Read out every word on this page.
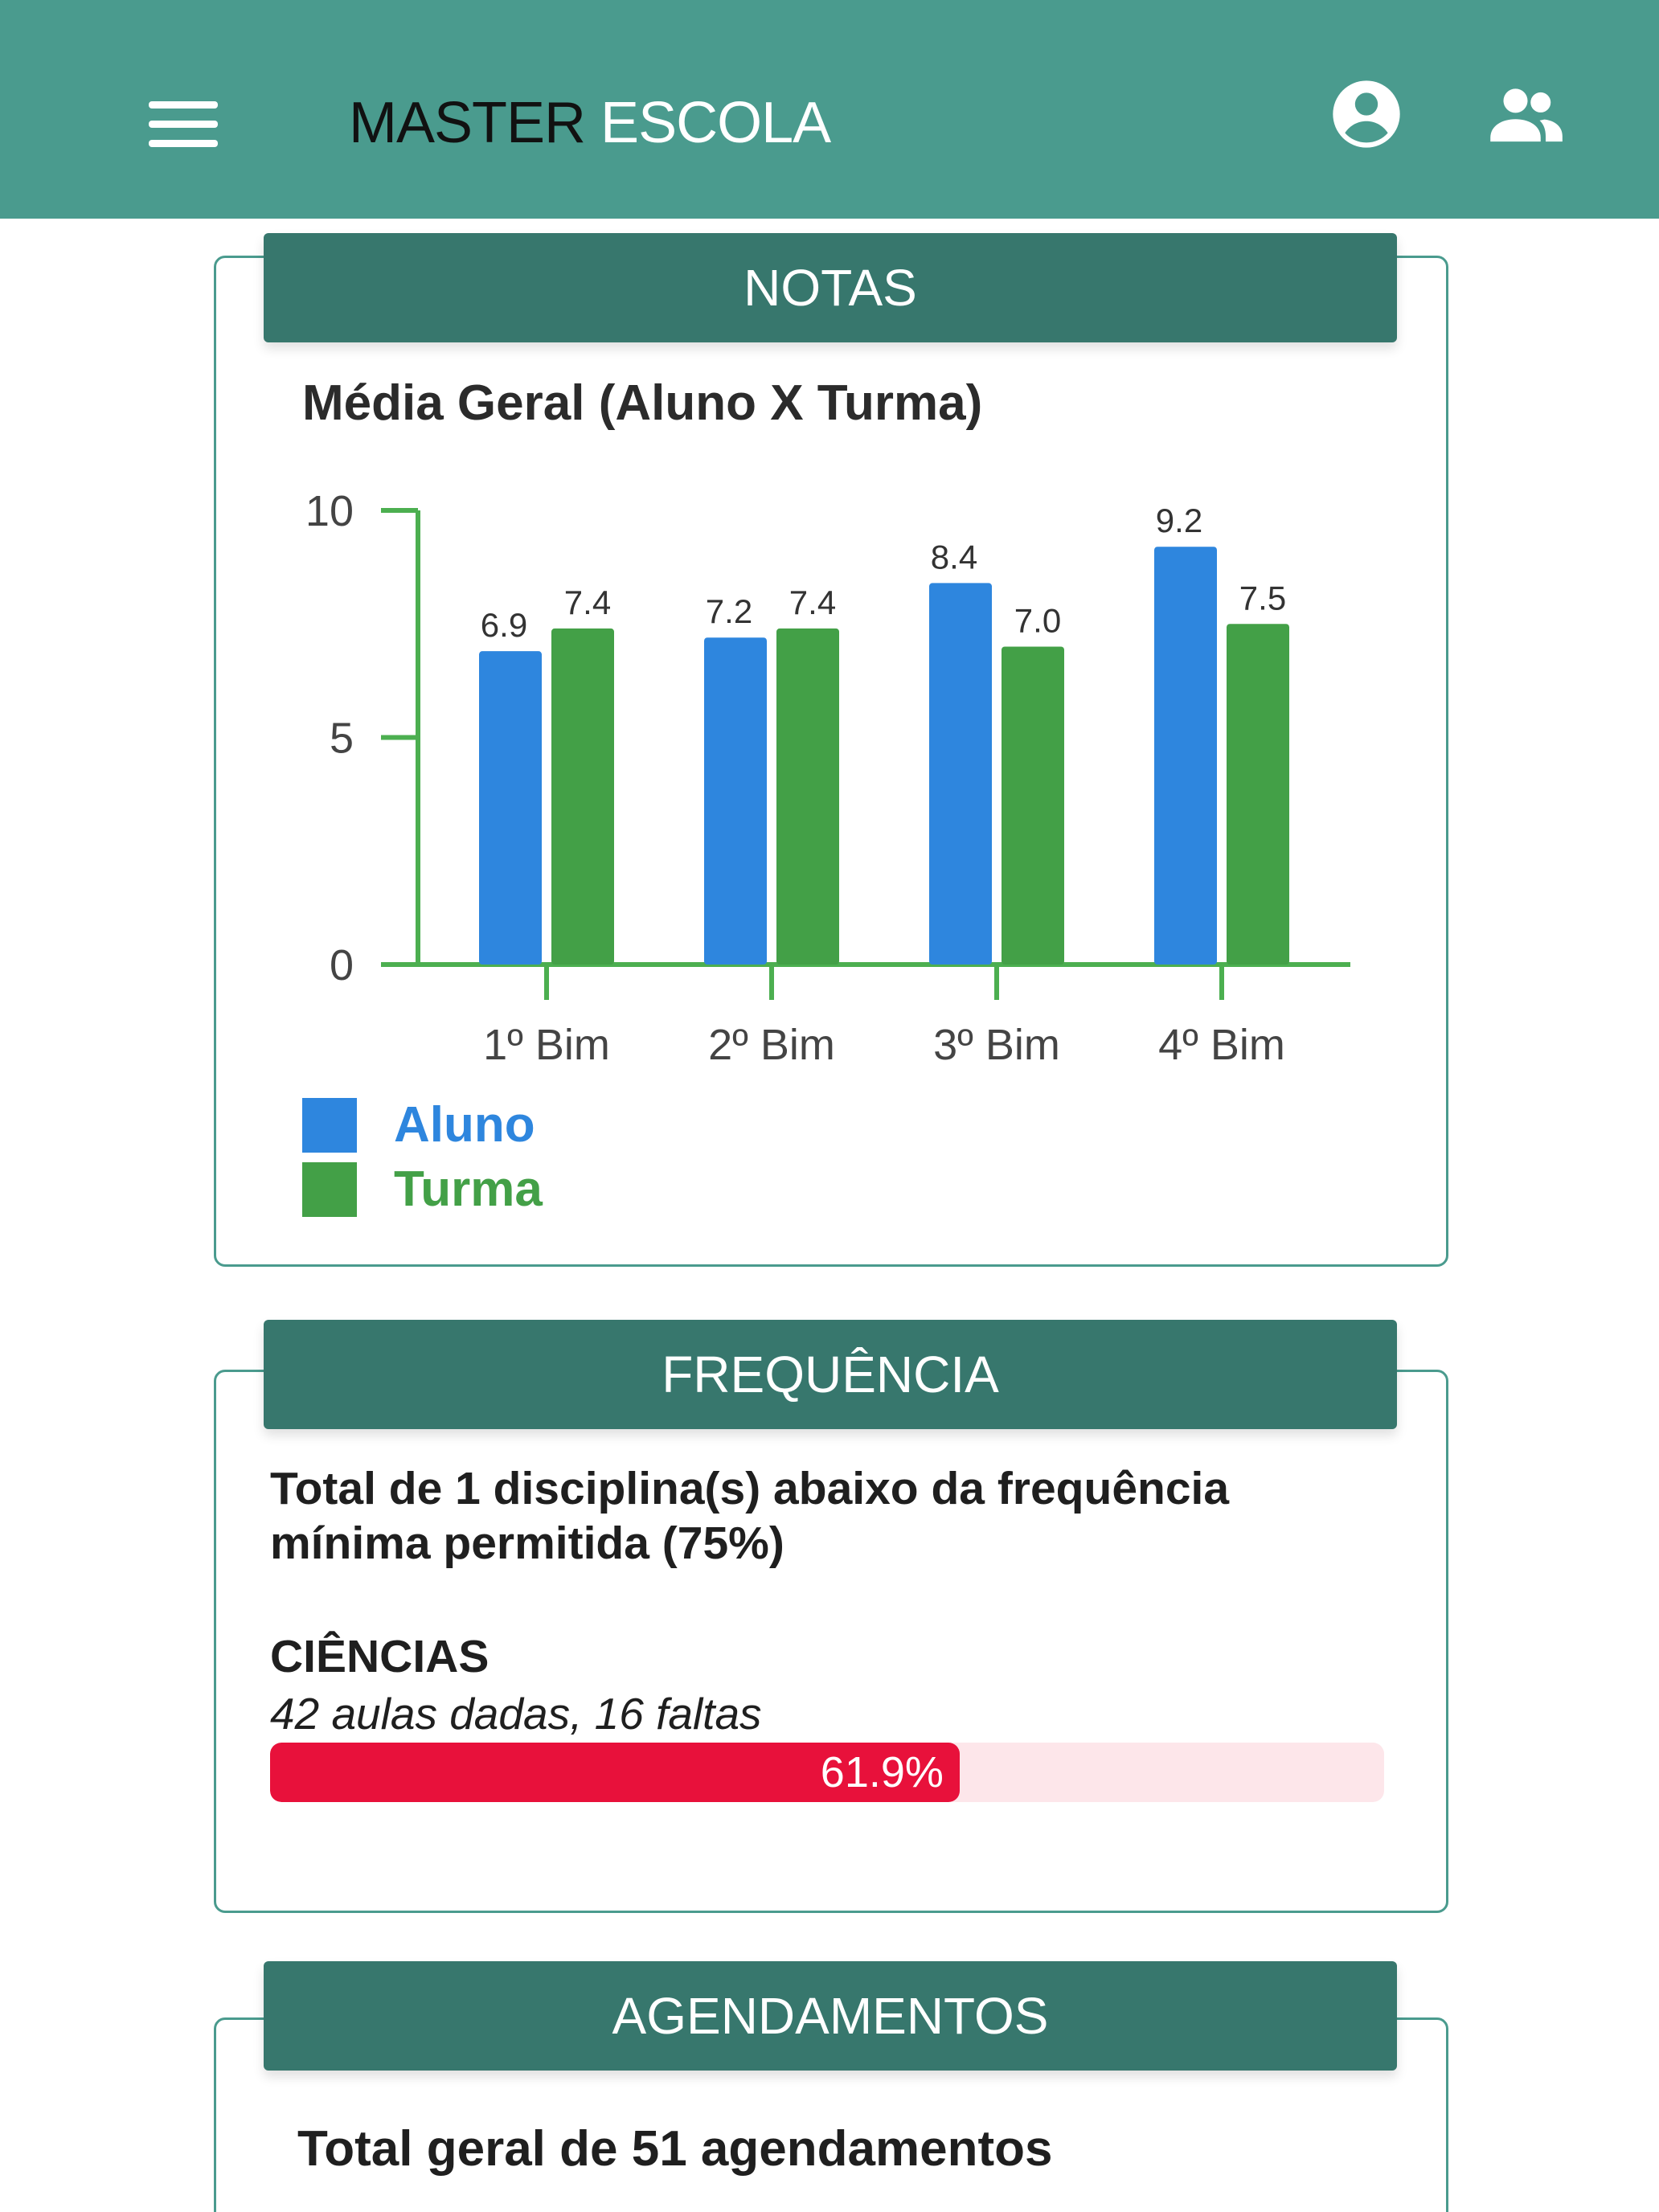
MASTER ESCOLA
NOTAS
Média Geral (Aluno X Turma)
0
5
10
6.9
7.4
1º Bim
7.2 7.4
2º Bim
8.4
7.0
3º Bim
9.2
7.5
4º Bim
Aluno
Turma
FREQUÊNCIA
Total de 1 disciplina(s) abaixo da frequência mínima permitida (75%)
CIÊNCIAS
42 aulas dadas, 16 faltas
61.9%
AGENDAMENTOS
Total geral de 51 agendamentos
